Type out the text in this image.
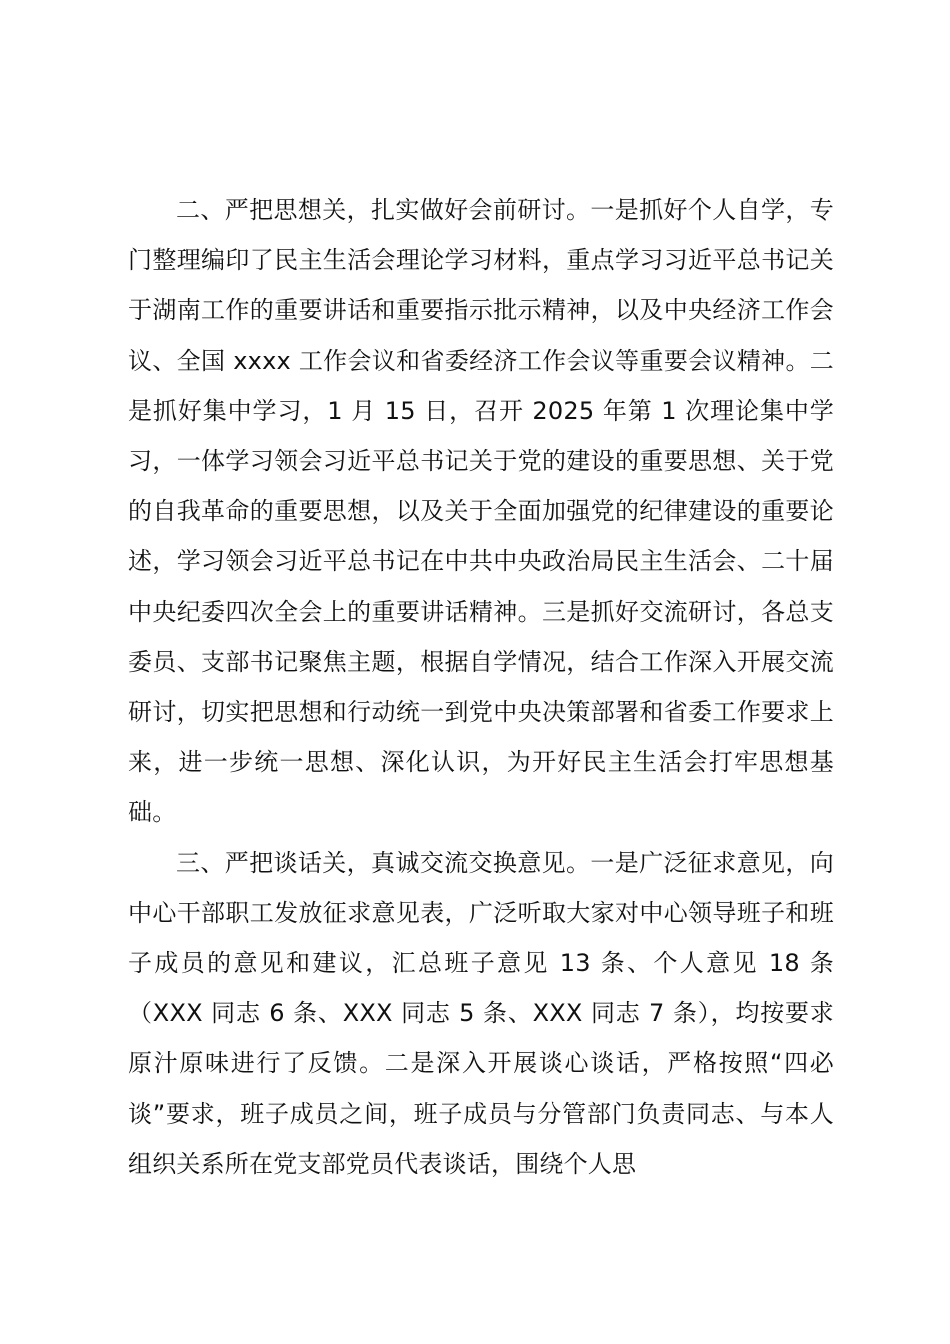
二、严把思想关，扎实做好会前研讨。一是抓好个人自学，专门整理编印了民主生活会理论学习材料，重点学习习近平总书记关于湖南工作的重要讲话和重要指示批示精神，以及中央经济工作会议、全国 xxxx 工作会议和省委经济工作会议等重要会议精神。二是抓好集中学习，1 月 15 日，召开 2025 年第 1 次理论集中学习，一体学习领会习近平总书记关于党的建设的重要思想、关于党的自我革命的重要思想，以及关于全面加强党的纪律建设的重要论述，学习领会习近平总书记在中共中央政治局民主生活会、二十届中央纪委四次全会上的重要讲话精神。三是抓好交流研讨，各总支委员、支部书记聚焦主题，根据自学情况，结合工作深入开展交流研讨，切实把思想和行动统一到党中央决策部署和省委工作要求上来，进一步统一思想、深化认识，为开好民主生活会打牢思想基础。

三、严把谈话关，真诚交流交换意见。一是广泛征求意见，向中心干部职工发放征求意见表，广泛听取大家对中心领导班子和班子成员的意见和建议，汇总班子意见 13 条、个人意见 18 条（XXX 同志 6 条、XXX 同志 5 条、XXX 同志 7 条），均按要求原汁原味进行了反馈。二是深入开展谈心谈话，严格按照“四必谈”要求，班子成员之间，班子成员与分管部门负责同志、与本人组织关系所在党支部党员代表谈话，围绕个人思
